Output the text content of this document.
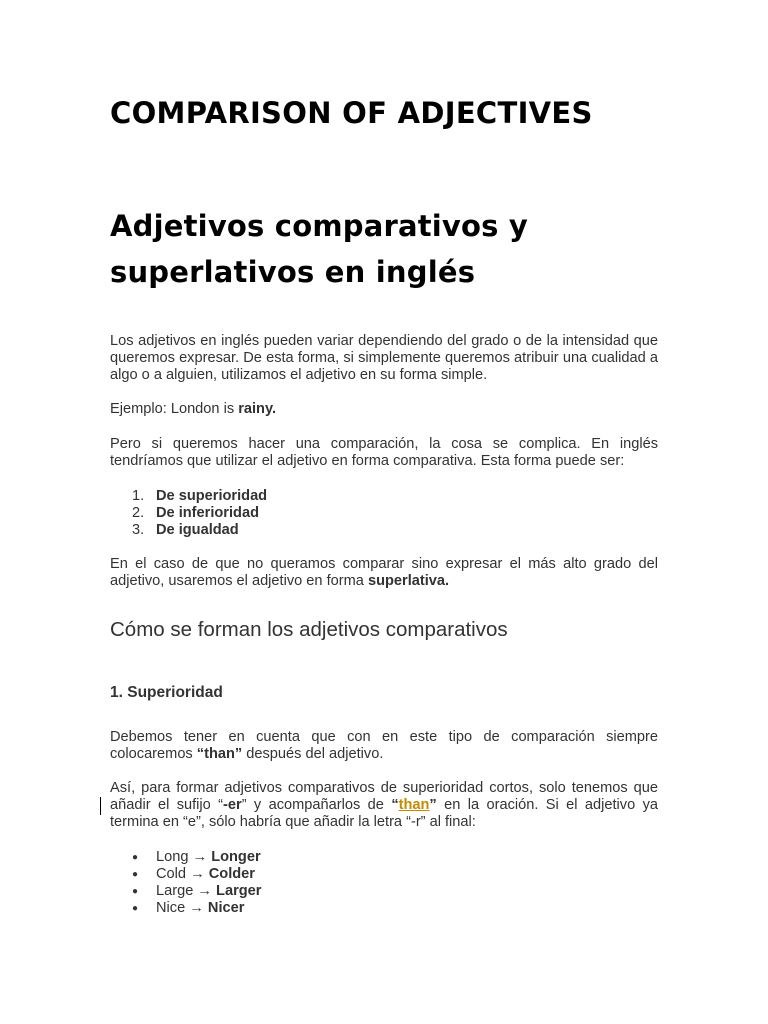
COMPARISON OF ADJECTIVES
Adjetivos comparativos y superlativos en inglés

Los adjetivos en inglés pueden variar dependiendo del grado o de la intensidad que queremos expresar. De esta forma, si simplemente queremos atribuir una cualidad a algo o a alguien, utilizamos el adjetivo en su forma simple.

Ejemplo: London is rainy.

Pero si queremos hacer una comparación, la cosa se complica. En inglés tendríamos que utilizar el adjetivo en forma comparativa. Esta forma puede ser:

1. De superioridad
2. De inferioridad
3. De igualdad

En el caso de que no queramos comparar sino expresar el más alto grado del adjetivo, usaremos el adjetivo en forma superlativa.

Cómo se forman los adjetivos comparativos
1. Superioridad

Debemos tener en cuenta que con en este tipo de comparación siempre colocaremos “than” después del adjetivo.

Así, para formar adjetivos comparativos de superioridad cortos, solo tenemos que añadir el sufijo “-er” y acompañarlos de “than” en la oración. Si el adjetivo ya termina en “e”, sólo habría que añadir la letra “-r” al final:

● Long → Longer
● Cold → Colder
● Large → Larger
● Nice → Nicer
